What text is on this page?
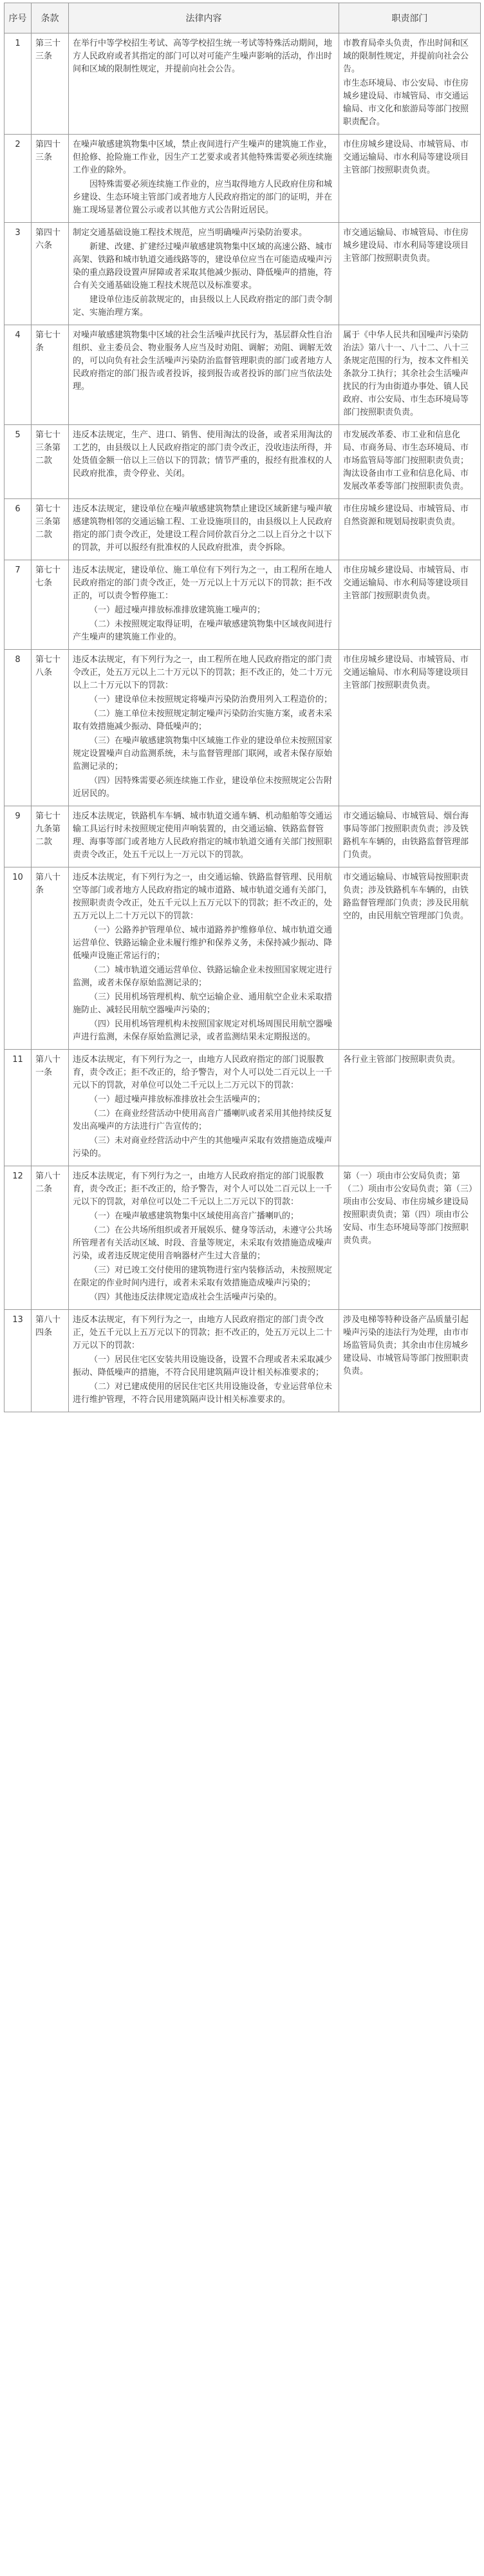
序号	条款	法律内容	职责部门
1	第三十三条	在举行中等学校招生考试、高等学校招生统一考试等特殊活动期间，地方人民政府或者其指定的部门可以对可能产生噪声影响的活动，作出时间和区域的限制性规定，并提前向社会公告。	市教育局牵头负责，作出时间和区域的限制性规定，并提前向社会公告。
市生态环境局、市公安局、市住房城乡建设局、市城管局、市交通运输局、市文化和旅游局等部门按照职责配合。

2	第四十三条	在噪声敏感建筑物集中区域，禁止夜间进行产生噪声的建筑施工作业，但抢修、抢险施工作业，因生产工艺要求或者其他特殊需要必须连续施工作业的除外。
因特殊需要必须连续施工作业的，应当取得地方人民政府住房和城乡建设、生态环境主管部门或者地方人民政府指定的部门的证明，并在施工现场显著位置公示或者以其他方式公告附近居民。	市住房城乡建设局、市城管局、市交通运输局、市水利局等建设项目主管部门按照职责负责。

3	第四十六条	制定交通基础设施工程技术规范，应当明确噪声污染防治要求。
新建、改建、扩建经过噪声敏感建筑物集中区域的高速公路、城市高架、铁路和城市轨道交通线路等的，建设单位应当在可能造成噪声污染的重点路段设置声屏障或者采取其他减少振动、降低噪声的措施，符合有关交通基础设施工程技术规范以及标准要求。
建设单位违反前款规定的，由县级以上人民政府指定的部门责令制定、实施治理方案。	市交通运输局、市城管局、市住房城乡建设局、市水利局等建设项目主管部门按照职责负责。

4	第七十条	对噪声敏感建筑物集中区域的社会生活噪声扰民行为，基层群众性自治组织、业主委员会、物业服务人应当及时劝阻、调解；劝阻、调解无效的，可以向负有社会生活噪声污染防治监督管理职责的部门或者地方人民政府指定的部门报告或者投诉，接到报告或者投诉的部门应当依法处理。	属于《中华人民共和国噪声污染防治法》第八十一、八十二、八十三条规定范围的行为，按本文件相关条款分工执行；其余社会生活噪声扰民的行为由街道办事处、镇人民政府、市公安局、市生态环境局等部门按照职责负责。

5	第七十三条第二款	违反本法规定，生产、进口、销售、使用淘汰的设备，或者采用淘汰的工艺的，由县级以上人民政府指定的部门责令改正，没收违法所得，并处货值金额一倍以上三倍以下的罚款；情节严重的，报经有批准权的人民政府批准，责令停业、关闭。	市发展改革委、市工业和信息化局、市商务局、市生态环境局、市市场监管局等部门按照职责负责；淘汰设备由市工业和信息化局、市发展改革委等部门按照职责负责。

6	第七十三条第二款	违反本法规定，建设单位在噪声敏感建筑物禁止建设区域新建与噪声敏感建筑物相邻的交通运输工程、工业设施项目的，由县级以上人民政府指定的部门责令改正，处建设工程合同价款百分之二以上百分之十以下的罚款，并可以报经有批准权的人民政府批准，责令拆除。	市住房城乡建设局、市城管局、市自然资源和规划局按职责负责。

7	第七十七条	违反本法规定，建设单位、施工单位有下列行为之一，由工程所在地人民政府指定的部门责令改正，处一万元以上十万元以下的罚款；拒不改正的，可以责令暂停施工：
（一）超过噪声排放标准排放建筑施工噪声的；
（二）未按照规定取得证明，在噪声敏感建筑物集中区域夜间进行产生噪声的建筑施工作业的。	市住房城乡建设局、市城管局、市交通运输局、市水利局等建设项目主管部门按照职责负责。

8	第七十八条	违反本法规定，有下列行为之一，由工程所在地人民政府指定的部门责令改正，处五万元以上二十万元以下的罚款；拒不改正的，处二十万元以上二十万元以下的罚款：
（一）建设单位未按照规定将噪声污染防治费用列入工程造价的；
（二）施工单位未按照规定制定噪声污染防治实施方案，或者未采取有效措施减少振动、降低噪声的；
（三）在噪声敏感建筑物集中区域施工作业的建设单位未按照国家规定设置噪声自动监测系统，未与监督管理部门联网，或者未保存原始监测记录的；
（四）因特殊需要必须连续施工作业，建设单位未按照规定公告附近居民的。	市住房城乡建设局、市城管局、市交通运输局、市水利局等建设项目主管部门按照职责负责。

9	第七十九条第二款	违反本法规定，铁路机车车辆、城市轨道交通车辆、机动船舶等交通运输工具运行时未按照规定使用声响装置的，由交通运输、铁路监督管理、海事等部门或者地方人民政府指定的城市轨道交通有关部门按照职责责令改正，处五千元以上一万元以下的罚款。	市交通运输局、市城管局、烟台海事局等部门按照职责负责；涉及铁路机车车辆的，由铁路监督管理部门负责。

10	第八十条	违反本法规定，有下列行为之一，由交通运输、铁路监督管理、民用航空等部门或者地方人民政府指定的城市道路、城市轨道交通有关部门，按照职责责令改正，处五千元以上五万元以下的罚款；拒不改正的，处五万元以上二十万元以下的罚款：
（一）公路养护管理单位、城市道路养护维修单位、城市轨道交通运营单位、铁路运输企业未履行维护和保养义务，未保持减少振动、降低噪声设施正常运行的；
（二）城市轨道交通运营单位、铁路运输企业未按照国家规定进行监测，或者未保存原始监测记录的；
（三）民用机场管理机构、航空运输企业、通用航空企业未采取措施防止、减轻民用航空器噪声污染的；
（四）民用机场管理机构未按照国家规定对机场周围民用航空器噪声进行监测，未保存原始监测记录，或者监测结果未定期报送的。	市交通运输局、市城管局按照职责负责；涉及铁路机车车辆的，由铁路监督管理部门负责；涉及民用航空的，由民用航空管理部门负责。

11	第八十一条	违反本法规定，有下列行为之一，由地方人民政府指定的部门说服教育，责令改正；拒不改正的，给予警告，对个人可以处二百元以上一千元以下的罚款，对单位可以处二千元以上二万元以下的罚款：
（一）超过噪声排放标准排放社会生活噪声的；
（二）在商业经营活动中使用高音广播喇叭或者采用其他持续反复发出高噪声的方法进行广告宣传的；
（三）未对商业经营活动中产生的其他噪声采取有效措施造成噪声污染的。	各行业主管部门按照职责负责。

12	第八十二条	违反本法规定，有下列行为之一，由地方人民政府指定的部门说服教育，责令改正；拒不改正的，给予警告，对个人可以处二百元以上一千元以下的罚款，对单位可以处二千元以上二万元以下的罚款：
（一）在噪声敏感建筑物集中区域使用高音广播喇叭的；
（二）在公共场所组织或者开展娱乐、健身等活动，未遵守公共场所管理者有关活动区域、时段、音量等规定，未采取有效措施造成噪声污染，或者违反规定使用音响器材产生过大音量的；
（三）对已竣工交付使用的建筑物进行室内装修活动，未按照规定在限定的作业时间内进行，或者未采取有效措施造成噪声污染的；
（四）其他违反法律规定造成社会生活噪声污染的。	第（一）项由市公安局负责；第（二）项由市公安局负责；第（三）项由市公安局、市住房城乡建设局按照职责负责；第（四）项由市公安局、市生态环境局等部门按照职责负责。

13	第八十四条	违反本法规定，有下列行为之一，由地方人民政府指定的部门责令改正，处五千元以上五万元以下的罚款；拒不改正的，处五万元以上二十万元以下的罚款：
（一）居民住宅区安装共用设施设备，设置不合理或者未采取减少振动、降低噪声的措施，不符合民用建筑隔声设计相关标准要求的；
（二）对已建成使用的居民住宅区共用设施设备，专业运营单位未进行维护管理，不符合民用建筑隔声设计相关标准要求的。	涉及电梯等特种设备产品质量引起噪声污染的违法行为处理，由市市场监管局负责；其余由市住房城乡建设局、市城管局等部门按照职责负责。
